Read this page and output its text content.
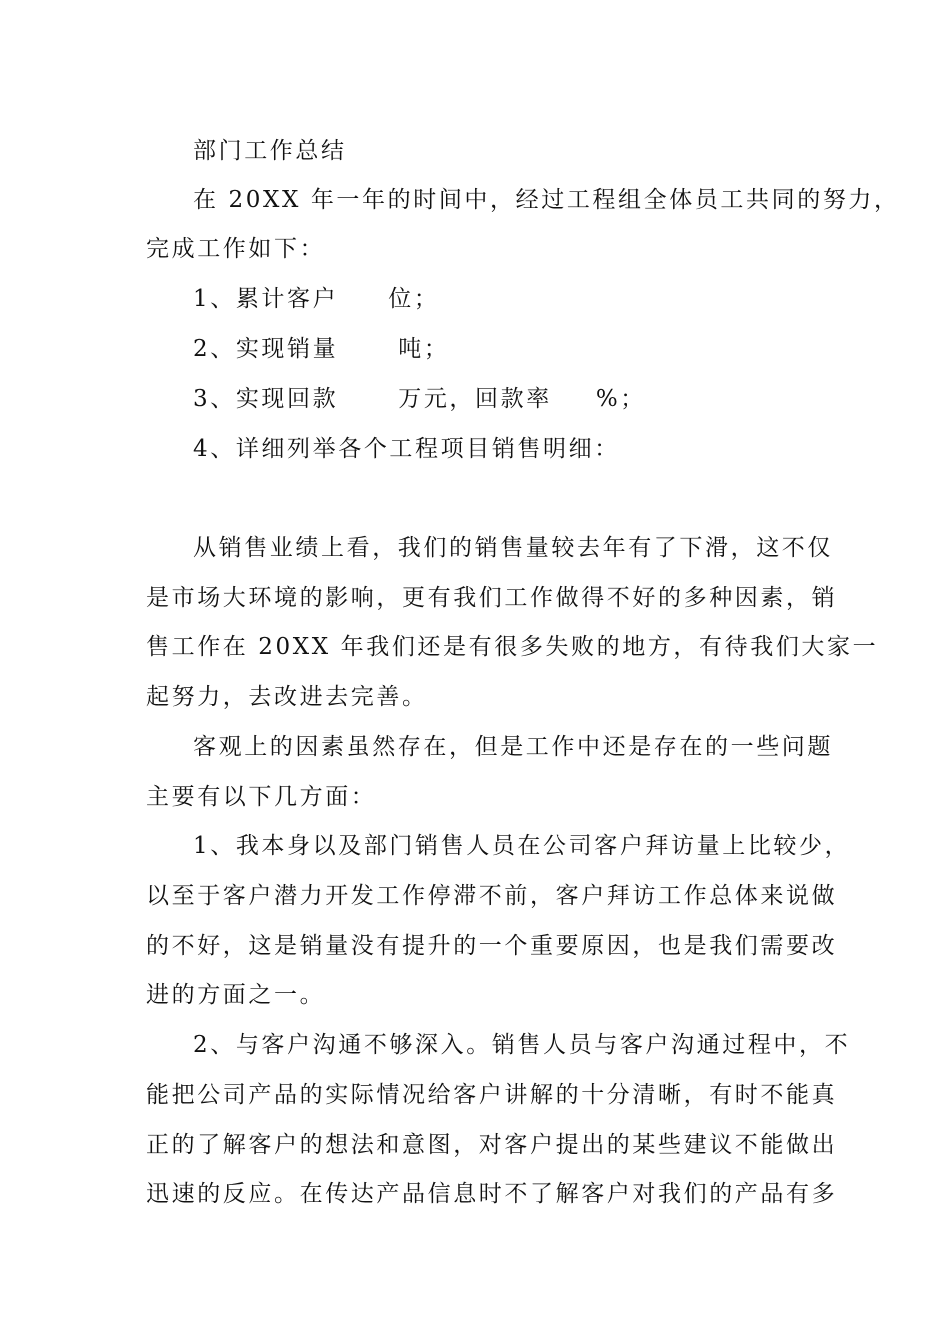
部门工作总结
在 20XX 年一年的时间中，经过工程组全体员工共同的努力，
完成工作如下：
1、累计客户 位；
2、实现销量	吨；
3、实现回款	万元，回款率 %；
4、详细列举各个工程项目销售明细：
从销售业绩上看，我们的销售量较去年有了下滑，这不仅
是市场大环境的影响，更有我们工作做得不好的多种因素，销
售工作在 20XX 年我们还是有很多失败的地方，有待我们大家一
起努力，去改进去完善。
客观上的因素虽然存在，但是工作中还是存在的一些问题
主要有以下几方面：
1、我本身以及部门销售人员在公司客户拜访量上比较少，
以至于客户潜力开发工作停滞不前，客户拜访工作总体来说做
的不好，这是销量没有提升的一个重要原因，也是我们需要改
进的方面之一。
2、与客户沟通不够深入。销售人员与客户沟通过程中，不
能把公司产品的实际情况给客户讲解的十分清晰，有时不能真
正的了解客户的想法和意图，对客户提出的某些建议不能做出
迅速的反应。在传达产品信息时不了解客户对我们的产品有多
